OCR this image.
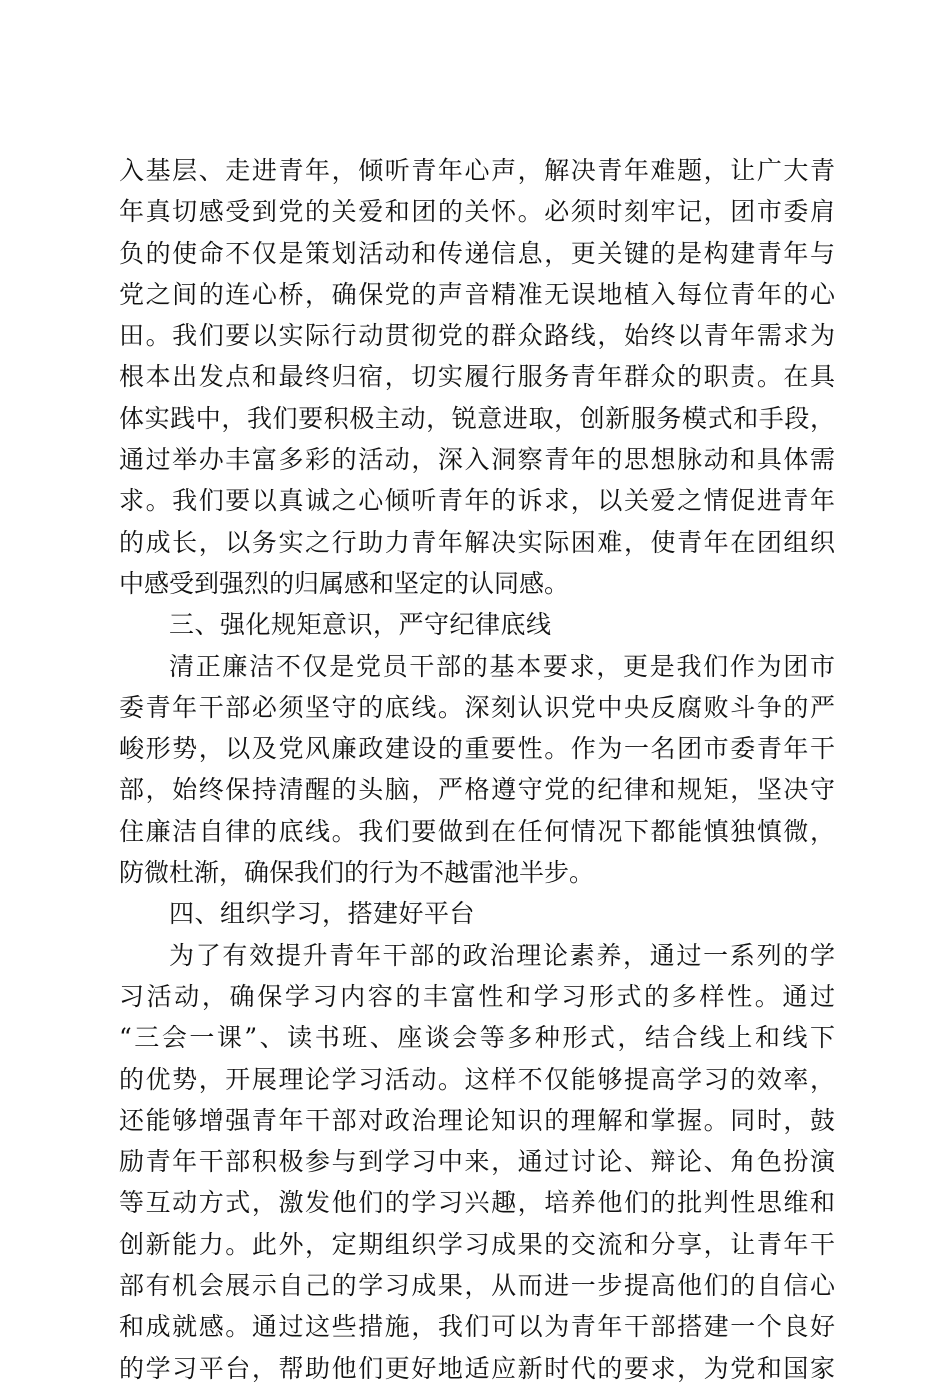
入基层、走进青年，倾听青年心声，解决青年难题，让广大青
年真切感受到党的关爱和团的关怀。必须时刻牢记，团市委肩
负的使命不仅是策划活动和传递信息，更关键的是构建青年与
党之间的连心桥，确保党的声音精准无误地植入每位青年的心
田。我们要以实际行动贯彻党的群众路线，始终以青年需求为
根本出发点和最终归宿，切实履行服务青年群众的职责。在具
体实践中，我们要积极主动，锐意进取，创新服务模式和手段，
通过举办丰富多彩的活动，深入洞察青年的思想脉动和具体需
求。我们要以真诚之心倾听青年的诉求，以关爱之情促进青年
的成长，以务实之行助力青年解决实际困难，使青年在团组织
中感受到强烈的归属感和坚定的认同感。
三、强化规矩意识，严守纪律底线
清正廉洁不仅是党员干部的基本要求，更是我们作为团市
委青年干部必须坚守的底线。深刻认识党中央反腐败斗争的严
峻形势，以及党风廉政建设的重要性。作为一名团市委青年干
部，始终保持清醒的头脑，严格遵守党的纪律和规矩，坚决守
住廉洁自律的底线。我们要做到在任何情况下都能慎独慎微，
防微杜渐，确保我们的行为不越雷池半步。
四、组织学习，搭建好平台
为了有效提升青年干部的政治理论素养，通过一系列的学
习活动，确保学习内容的丰富性和学习形式的多样性。通过
“三会一课”、读书班、座谈会等多种形式，结合线上和线下
的优势，开展理论学习活动。这样不仅能够提高学习的效率，
还能够增强青年干部对政治理论知识的理解和掌握。同时，鼓
励青年干部积极参与到学习中来，通过讨论、辩论、角色扮演
等互动方式，激发他们的学习兴趣，培养他们的批判性思维和
创新能力。此外，定期组织学习成果的交流和分享，让青年干
部有机会展示自己的学习成果，从而进一步提高他们的自信心
和成就感。通过这些措施，我们可以为青年干部搭建一个良好
的学习平台，帮助他们更好地适应新时代的要求，为党和国家
